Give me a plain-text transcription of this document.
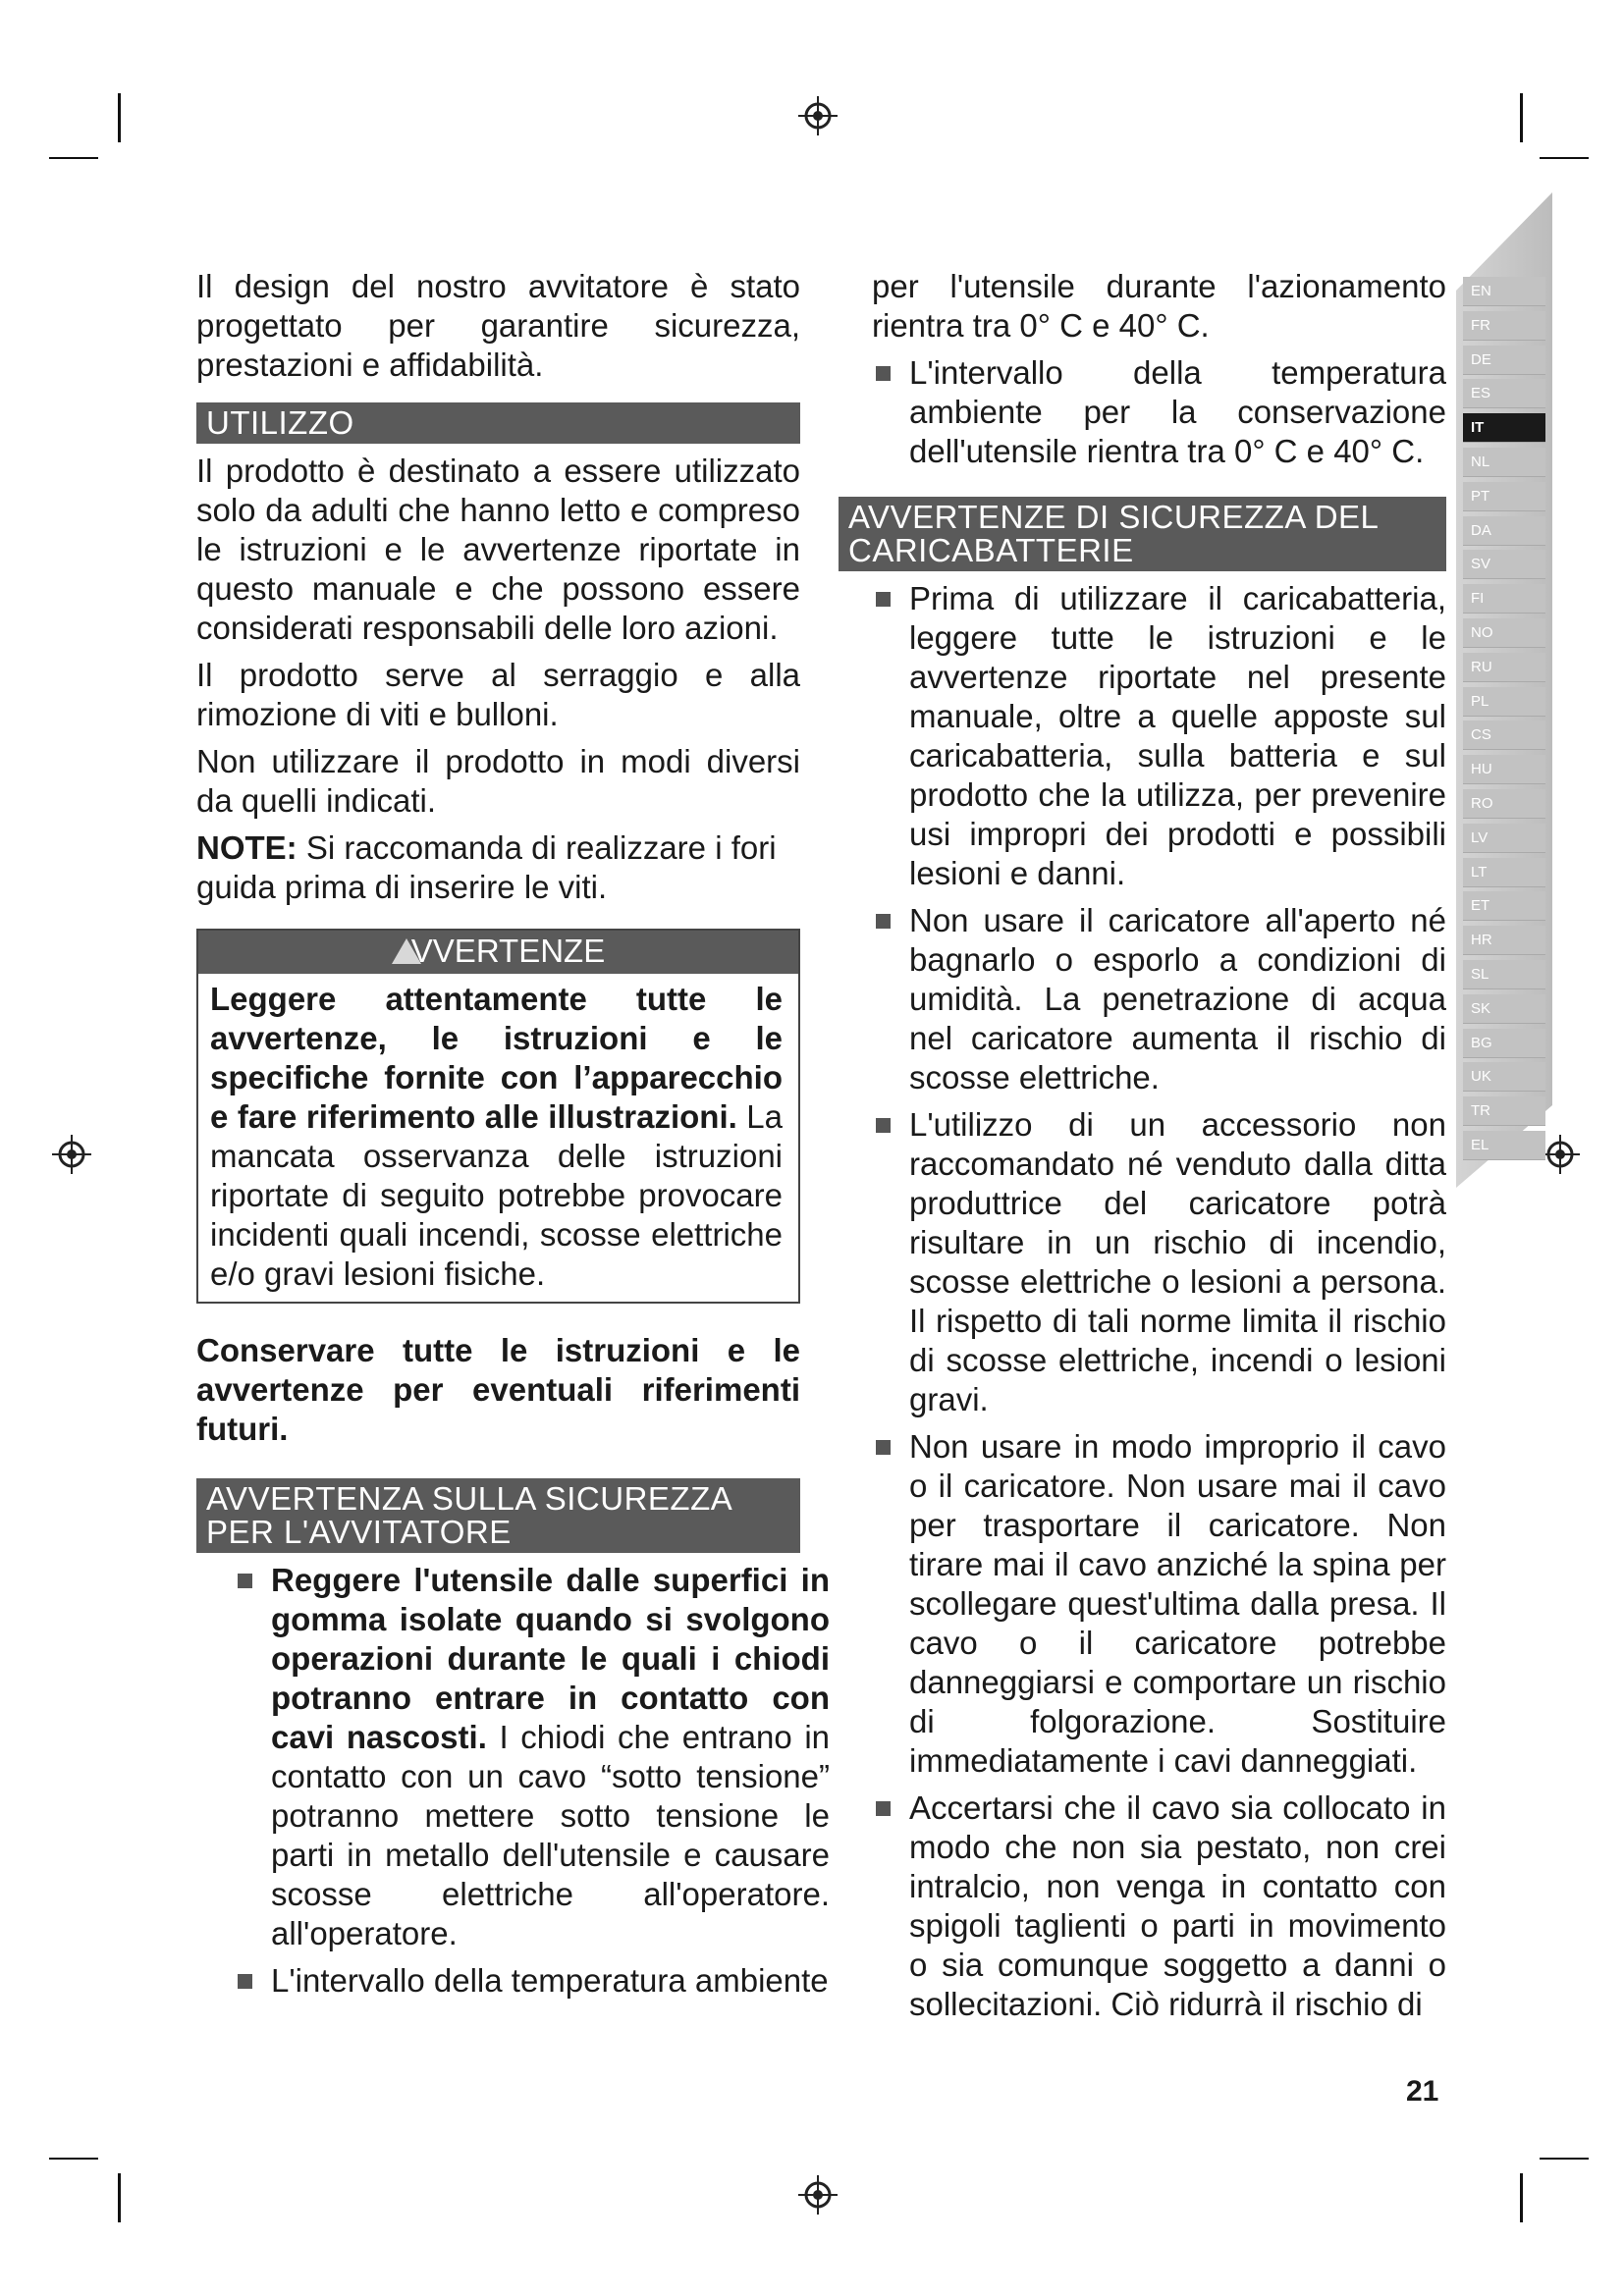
EN
FR
DE
ES
IT
NL
PT
DA
SV
FI
NO
RU
PL
CS
HU
RO
LV
LT
ET
HR
SL
SK
BG
UK
TR
EL

Il design del nostro avvitatore è stato progettato per garantire sicurezza, prestazioni e affidabilità.

UTILIZZO

Il prodotto è destinato a essere utilizzato solo da adulti che hanno letto e compreso le istruzioni e le avvertenze riportate in questo manuale e che possono essere considerati responsabili delle loro azioni.

Il prodotto serve al serraggio e alla rimozione di viti e bulloni.

Non utilizzare il prodotto in modi diversi da quelli indicati.

NOTE: Si raccomanda di realizzare i fori guida prima di inserire le viti.

VVERTENZE
Leggere attentamente tutte le avvertenze, le istruzioni e le specifiche fornite con l’apparecchio e fare riferimento alle illustrazioni. La mancata osservanza delle istruzioni riportate di seguito potrebbe provocare incidenti quali incendi, scosse elettriche e/o gravi lesioni fisiche.

Conservare tutte le istruzioni e le avvertenze per eventuali riferimenti futuri.

AVVERTENZA SULLA SICUREZZA
PER L'AVVITATORE
Reggere l'utensile dalle superfici in gomma isolate quando si svolgono operazioni durante le quali i chiodi potranno entrare in contatto con cavi nascosti. I chiodi che entrano in contatto con un cavo “sotto tensione” potranno mettere sotto tensione le parti in metallo dell'utensile e causare scosse elettriche all'operatore. all'operatore.
L'intervallo della temperatura ambiente

per l'utensile durante l'azionamento rientra tra 0° C e 40° C.

L'intervallo della temperatura ambiente per la conservazione dell'utensile rientra tra 0° C e 40° C.
AVVERTENZE DI SICUREZZA DEL
CARICABATTERIE
Prima di utilizzare il caricabatteria, leggere tutte le istruzioni e le avvertenze riportate nel presente manuale, oltre a quelle apposte sul caricabatteria, sulla batteria e sul prodotto che la utilizza, per prevenire usi impropri dei prodotti e possibili lesioni e danni.
Non usare il caricatore all'aperto né bagnarlo o esporlo a condizioni di umidità. La penetrazione di acqua nel caricatore aumenta il rischio di scosse elettriche.
L'utilizzo di un accessorio non raccomandato né venduto dalla ditta produttrice del caricatore potrà risultare in un rischio di incendio, scosse elettriche o lesioni a persona. Il rispetto di tali norme limita il rischio di scosse elettriche, incendi o lesioni gravi.
Non usare in modo improprio il cavo o il caricatore. Non usare mai il cavo per trasportare il caricatore. Non tirare mai il cavo anziché la spina per scollegare quest'ultima dalla presa. Il cavo o il caricatore potrebbe danneggiarsi e comportare un rischio di folgorazione. Sostituire immediatamente i cavi danneggiati.
Accertarsi che il cavo sia collocato in modo che non sia pestato, non crei intralcio, non venga in contatto con spigoli taglienti o parti in movimento o sia comunque soggetto a danni o sollecitazioni. Ciò ridurrà il rischio di
21
